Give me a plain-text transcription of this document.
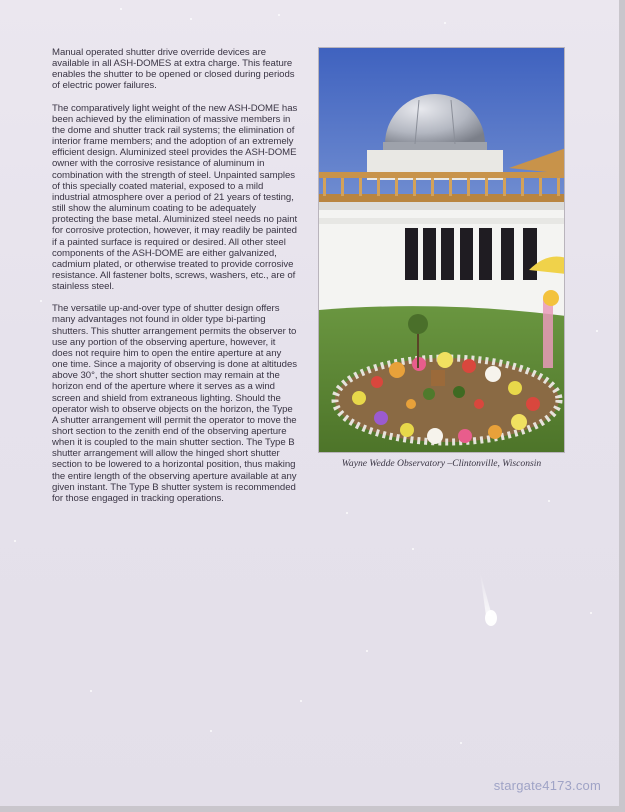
Manual operated shutter drive override devices are available in all ASH-DOMES at extra charge. This feature enables the shutter to be opened or closed during periods of electric power failures.

The comparatively light weight of the new ASH-DOME has been achieved by the elimination of massive members in the dome and shutter track rail systems; the elimination of interior frame members; and the adoption of an extremely efficient design. Aluminized steel provides the ASH-DOME owner with the corrosive resistance of aluminum in combination with the strength of steel. Unpainted samples of this specially coated material, exposed to a mild industrial atmosphere over a period of 21 years of testing, still show the aluminum coating to be adequately protecting the base metal. Aluminized steel needs no paint for corrosive protection, however, it may readily be painted if a painted surface is required or desired. All other steel components of the ASH-DOME are either galvanized, cadmium plated, or otherwise treated to provide corrosive resistance. All fastener bolts, screws, washers, etc., are of stainless steel.

The versatile up-and-over type of shutter design offers many advantages not found in older type bi-parting shutters. This shutter arrangement permits the observer to use any portion of the observing aperture, however, it does not require him to open the entire aperture at any one time. Since a majority of observing is done at altitudes above 30°, the short shutter section may remain at the horizon end of the aperture where it serves as a wind screen and shield from extraneous lighting. Should the operator wish to observe objects on the horizon, the Type A shutter arrangement will permit the operator to move the short section to the zenith end of the observing aperture when it is coupled to the main shutter section. The Type B shutter arrangement will allow the hinged short shutter section to be lowered to a horizontal position, thus making the entire length of the observing aperture available at any given instant. The Type B shutter system is recommended for those engaged in tracking operations.

Wayne Wedde Observatory –Clintonville, Wisconsin
stargate4173.com
